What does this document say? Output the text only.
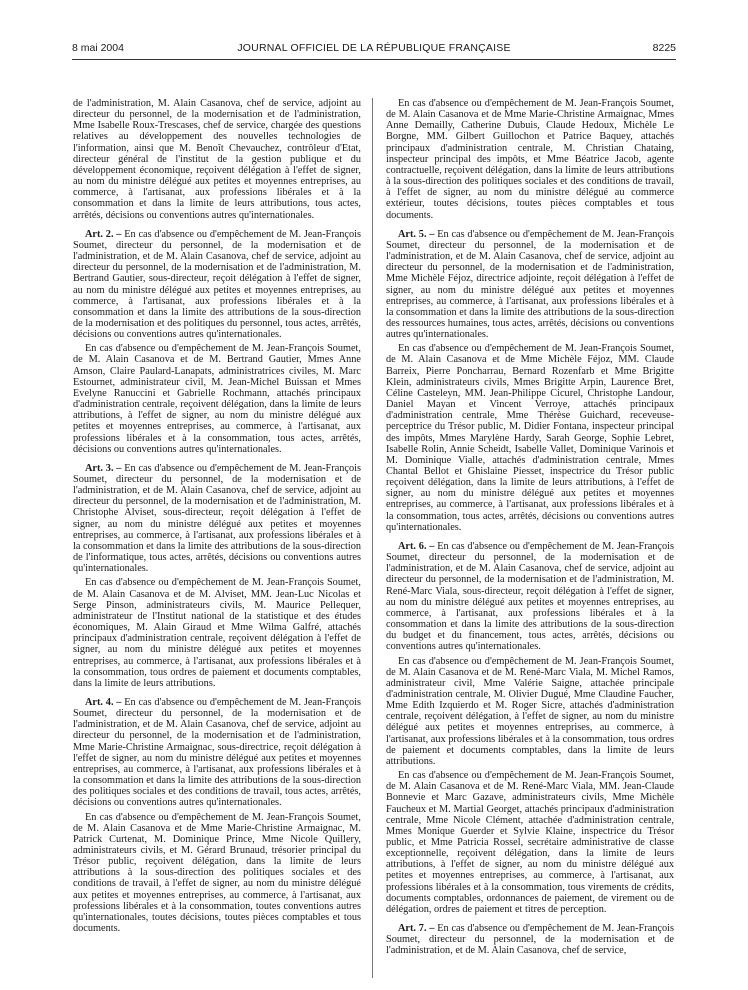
8 mai 2004	JOURNAL OFFICIEL DE LA RÉPUBLIQUE FRANÇAISE	8225

de l'administration, M. Alain Casanova, chef de service, adjoint au directeur du personnel, de la modernisation et de l'administration, Mme Isabelle Roux-Trescases, chef de service, chargée des questions relatives au développement des nouvelles technologies de l'information, ainsi que M. Benoît Chevauchez, contrôleur d'Etat, directeur général de l'institut de la gestion publique et du développement économique, reçoivent délégation à l'effet de signer, au nom du ministre délégué aux petites et moyennes entreprises, au commerce, à l'artisanat, aux professions libérales et à la consommation et dans la limite de leurs attributions, tous actes, arrêtés, décisions ou conventions autres qu'internationales.

Art. 2. – En cas d'absence ou d'empêchement de M. Jean-François Soumet, directeur du personnel, de la modernisation et de l'administration, et de M. Alain Casanova, chef de service, adjoint au directeur du personnel, de la modernisation et de l'administration, M. Bertrand Gautier, sous-directeur, reçoit délégation à l'effet de signer, au nom du ministre délégué aux petites et moyennes entreprises, au commerce, à l'artisanat, aux professions libérales et à la consommation et dans la limite des attributions de la sous-direction de la modernisation et des politiques du personnel, tous actes, arrêtés, décisions ou conventions autres qu'internationales.

En cas d'absence ou d'empêchement de M. Jean-François Soumet, de M. Alain Casanova et de M. Bertrand Gautier, Mmes Anne Amson, Claire Paulard-Lanapats, administratrices civiles, M. Marc Estournet, administrateur civil, M. Jean-Michel Buissan et Mmes Evelyne Ranuccini et Gabrielle Rochmann, attachés principaux d'administration centrale, reçoivent délégation, dans la limite de leurs attributions, à l'effet de signer, au nom du ministre délégué aux petites et moyennes entreprises, au commerce, à l'artisanat, aux professions libérales et à la consommation, tous actes, arrêtés, décisions ou conventions autres qu'internationales.

Art. 3. – En cas d'absence ou d'empêchement de M. Jean-François Soumet, directeur du personnel, de la modernisation et de l'administration, et de M. Alain Casanova, chef de service, adjoint au directeur du personnel, de la modernisation et de l'administration, M. Christophe Alviset, sous-directeur, reçoit délégation à l'effet de signer, au nom du ministre délégué aux petites et moyennes entreprises, au commerce, à l'artisanat, aux professions libérales et à la consommation et dans la limite des attributions de la sous-direction de l'informatique, tous actes, arrêtés, décisions ou conventions autres qu'internationales.

En cas d'absence ou d'empêchement de M. Jean-François Soumet, de M. Alain Casanova et de M. Alviset, MM. Jean-Luc Nicolas et Serge Pinson, administrateurs civils, M. Maurice Pellequer, administrateur de l'Institut national de la statistique et des études économiques, M. Alain Giraud et Mme Wilma Galfré, attachés principaux d'administration centrale, reçoivent délégation à l'effet de signer, au nom du ministre délégué aux petites et moyennes entreprises, au commerce, à l'artisanat, aux professions libérales et à la consommation, tous ordres de paiement et documents comptables, dans la limite de leurs attributions.

Art. 4. – En cas d'absence ou d'empêchement de M. Jean-François Soumet, directeur du personnel, de la modernisation et de l'administration, et de M. Alain Casanova, chef de service, adjoint au directeur du personnel, de la modernisation et de l'administration, Mme Marie-Christine Armaignac, sous-directrice, reçoit délégation à l'effet de signer, au nom du ministre délégué aux petites et moyennes entreprises, au commerce, à l'artisanat, aux professions libérales et à la consommation et dans la limite des attributions de la sous-direction des politiques sociales et des conditions de travail, tous actes, arrêtés, décisions ou conventions autres qu'internationales.

En cas d'absence ou d'empêchement de M. Jean-François Soumet, de M. Alain Casanova et de Mme Marie-Christine Armaignac, M. Patrick Curtenat, M. Dominique Prince, Mme Nicole Quillery, administrateurs civils, et M. Gérard Brunaud, trésorier principal du Trésor public, reçoivent délégation, dans la limite de leurs attributions à la sous-direction des politiques sociales et des conditions de travail, à l'effet de signer, au nom du ministre délégué aux petites et moyennes entreprises, au commerce, à l'artisanat, aux professions libérales et à la consommation, toutes conventions autres qu'internationales, toutes décisions, toutes pièces comptables et tous documents.

En cas d'absence ou d'empêchement de M. Jean-François Soumet, de M. Alain Casanova et de Mme Marie-Christine Armaignac, Mmes Anne Demailly, Catherine Dubuis, Claude Hedoux, Michèle Le Borgne, MM. Gilbert Guillochon et Patrice Baquey, attachés principaux d'administration centrale, M. Christian Chataing, inspecteur principal des impôts, et Mme Béatrice Jacob, agente contractuelle, reçoivent délégation, dans la limite de leurs attributions à la sous-direction des politiques sociales et des conditions de travail, à l'effet de signer, au nom du ministre délégué au commerce extérieur, toutes décisions, toutes pièces comptables et tous documents.

Art. 5. – En cas d'absence ou d'empêchement de M. Jean-François Soumet, directeur du personnel, de la modernisation et de l'administration, et de M. Alain Casanova, chef de service, adjoint au directeur du personnel, de la modernisation et de l'administration, Mme Michèle Féjoz, directrice adjointe, reçoit délégation à l'effet de signer, au nom du ministre délégué aux petites et moyennes entreprises, au commerce, à l'artisanat, aux professions libérales et à la consommation et dans la limite des attributions de la sous-direction des ressources humaines, tous actes, arrêtés, décisions ou conventions autres qu'internationales.

En cas d'absence ou d'empêchement de M. Jean-François Soumet, de M. Alain Casanova et de Mme Michèle Féjoz, MM. Claude Barreix, Pierre Poncharrau, Bernard Rozenfarb et Mme Brigitte Klein, administrateurs civils, Mmes Brigitte Arpin, Laurence Bret, Céline Casteleyn, MM. Jean-Philippe Cicurel, Christophe Landour, Daniel Mayan et Vincent Verroye, attachés principaux d'administration centrale, Mme Thérèse Guichard, receveuse-perceptrice du Trésor public, M. Didier Fontana, inspecteur principal des impôts, Mmes Marylène Hardy, Sarah George, Sophie Lebret, Isabelle Rolin, Annie Scheidt, Isabelle Vallet, Dominique Varinois et M. Dominique Vialle, attachés d'administration centrale, Mmes Chantal Bellot et Ghislaine Piesset, inspectrice du Trésor public reçoivent délégation, dans la limite de leurs attributions, à l'effet de signer, au nom du ministre délégué aux petites et moyennes entreprises, au commerce, à l'artisanat, aux professions libérales et à la consommation, tous actes, arrêtés, décisions ou conventions autres qu'internationales.

Art. 6. – En cas d'absence ou d'empêchement de M. Jean-François Soumet, directeur du personnel, de la modernisation et de l'administration, et de M. Alain Casanova, chef de service, adjoint au directeur du personnel, de la modernisation et de l'administration, M. René-Marc Viala, sous-directeur, reçoit délégation à l'effet de signer, au nom du ministre délégué aux petites et moyennes entreprises, au commerce, à l'artisanat, aux professions libérales et à la consommation et dans la limite des attributions de la sous-direction du budget et du financement, tous actes, arrêtés, décisions ou conventions autres qu'internationales.

En cas d'absence ou d'empêchement de M. Jean-François Soumet, de M. Alain Casanova et de M. René-Marc Viala, M. Michel Ramos, administrateur civil, Mme Valérie Saigne, attachée principale d'administration centrale, M. Olivier Dugué, Mme Claudine Faucher, Mme Edith Izquierdo et M. Roger Sicre, attachés d'administration centrale, reçoivent délégation, à l'effet de signer, au nom du ministre délégué aux petites et moyennes entreprises, au commerce, à l'artisanat, aux professions libérales et à la consommation, tous ordres de paiement et documents comptables, dans la limite de leurs attributions.

En cas d'absence ou d'empêchement de M. Jean-François Soumet, de M. Alain Casanova et de M. René-Marc Viala, MM. Jean-Claude Bonnevie et Marc Gazave, administrateurs civils, Mme Michèle Faucheux et M. Martial Georget, attachés principaux d'administration centrale, Mme Nicole Clément, attachée d'administration centrale, Mmes Monique Guerder et Sylvie Klaine, inspectrice du Trésor public, et Mme Patricia Rossel, secrétaire administrative de classe exceptionnelle, reçoivent délégation, dans la limite de leurs attributions, à l'effet de signer, au nom du ministre délégué aux petites et moyennes entreprises, au commerce, à l'artisanat, aux professions libérales et à la consommation, tous virements de crédits, documents comptables, ordonnances de paiement, de virement ou de délégation, ordres de paiement et titres de perception.

Art. 7. – En cas d'absence ou d'empêchement de M. Jean-François Soumet, directeur du personnel, de la modernisation et de l'administration, et de M. Alain Casanova, chef de service,
